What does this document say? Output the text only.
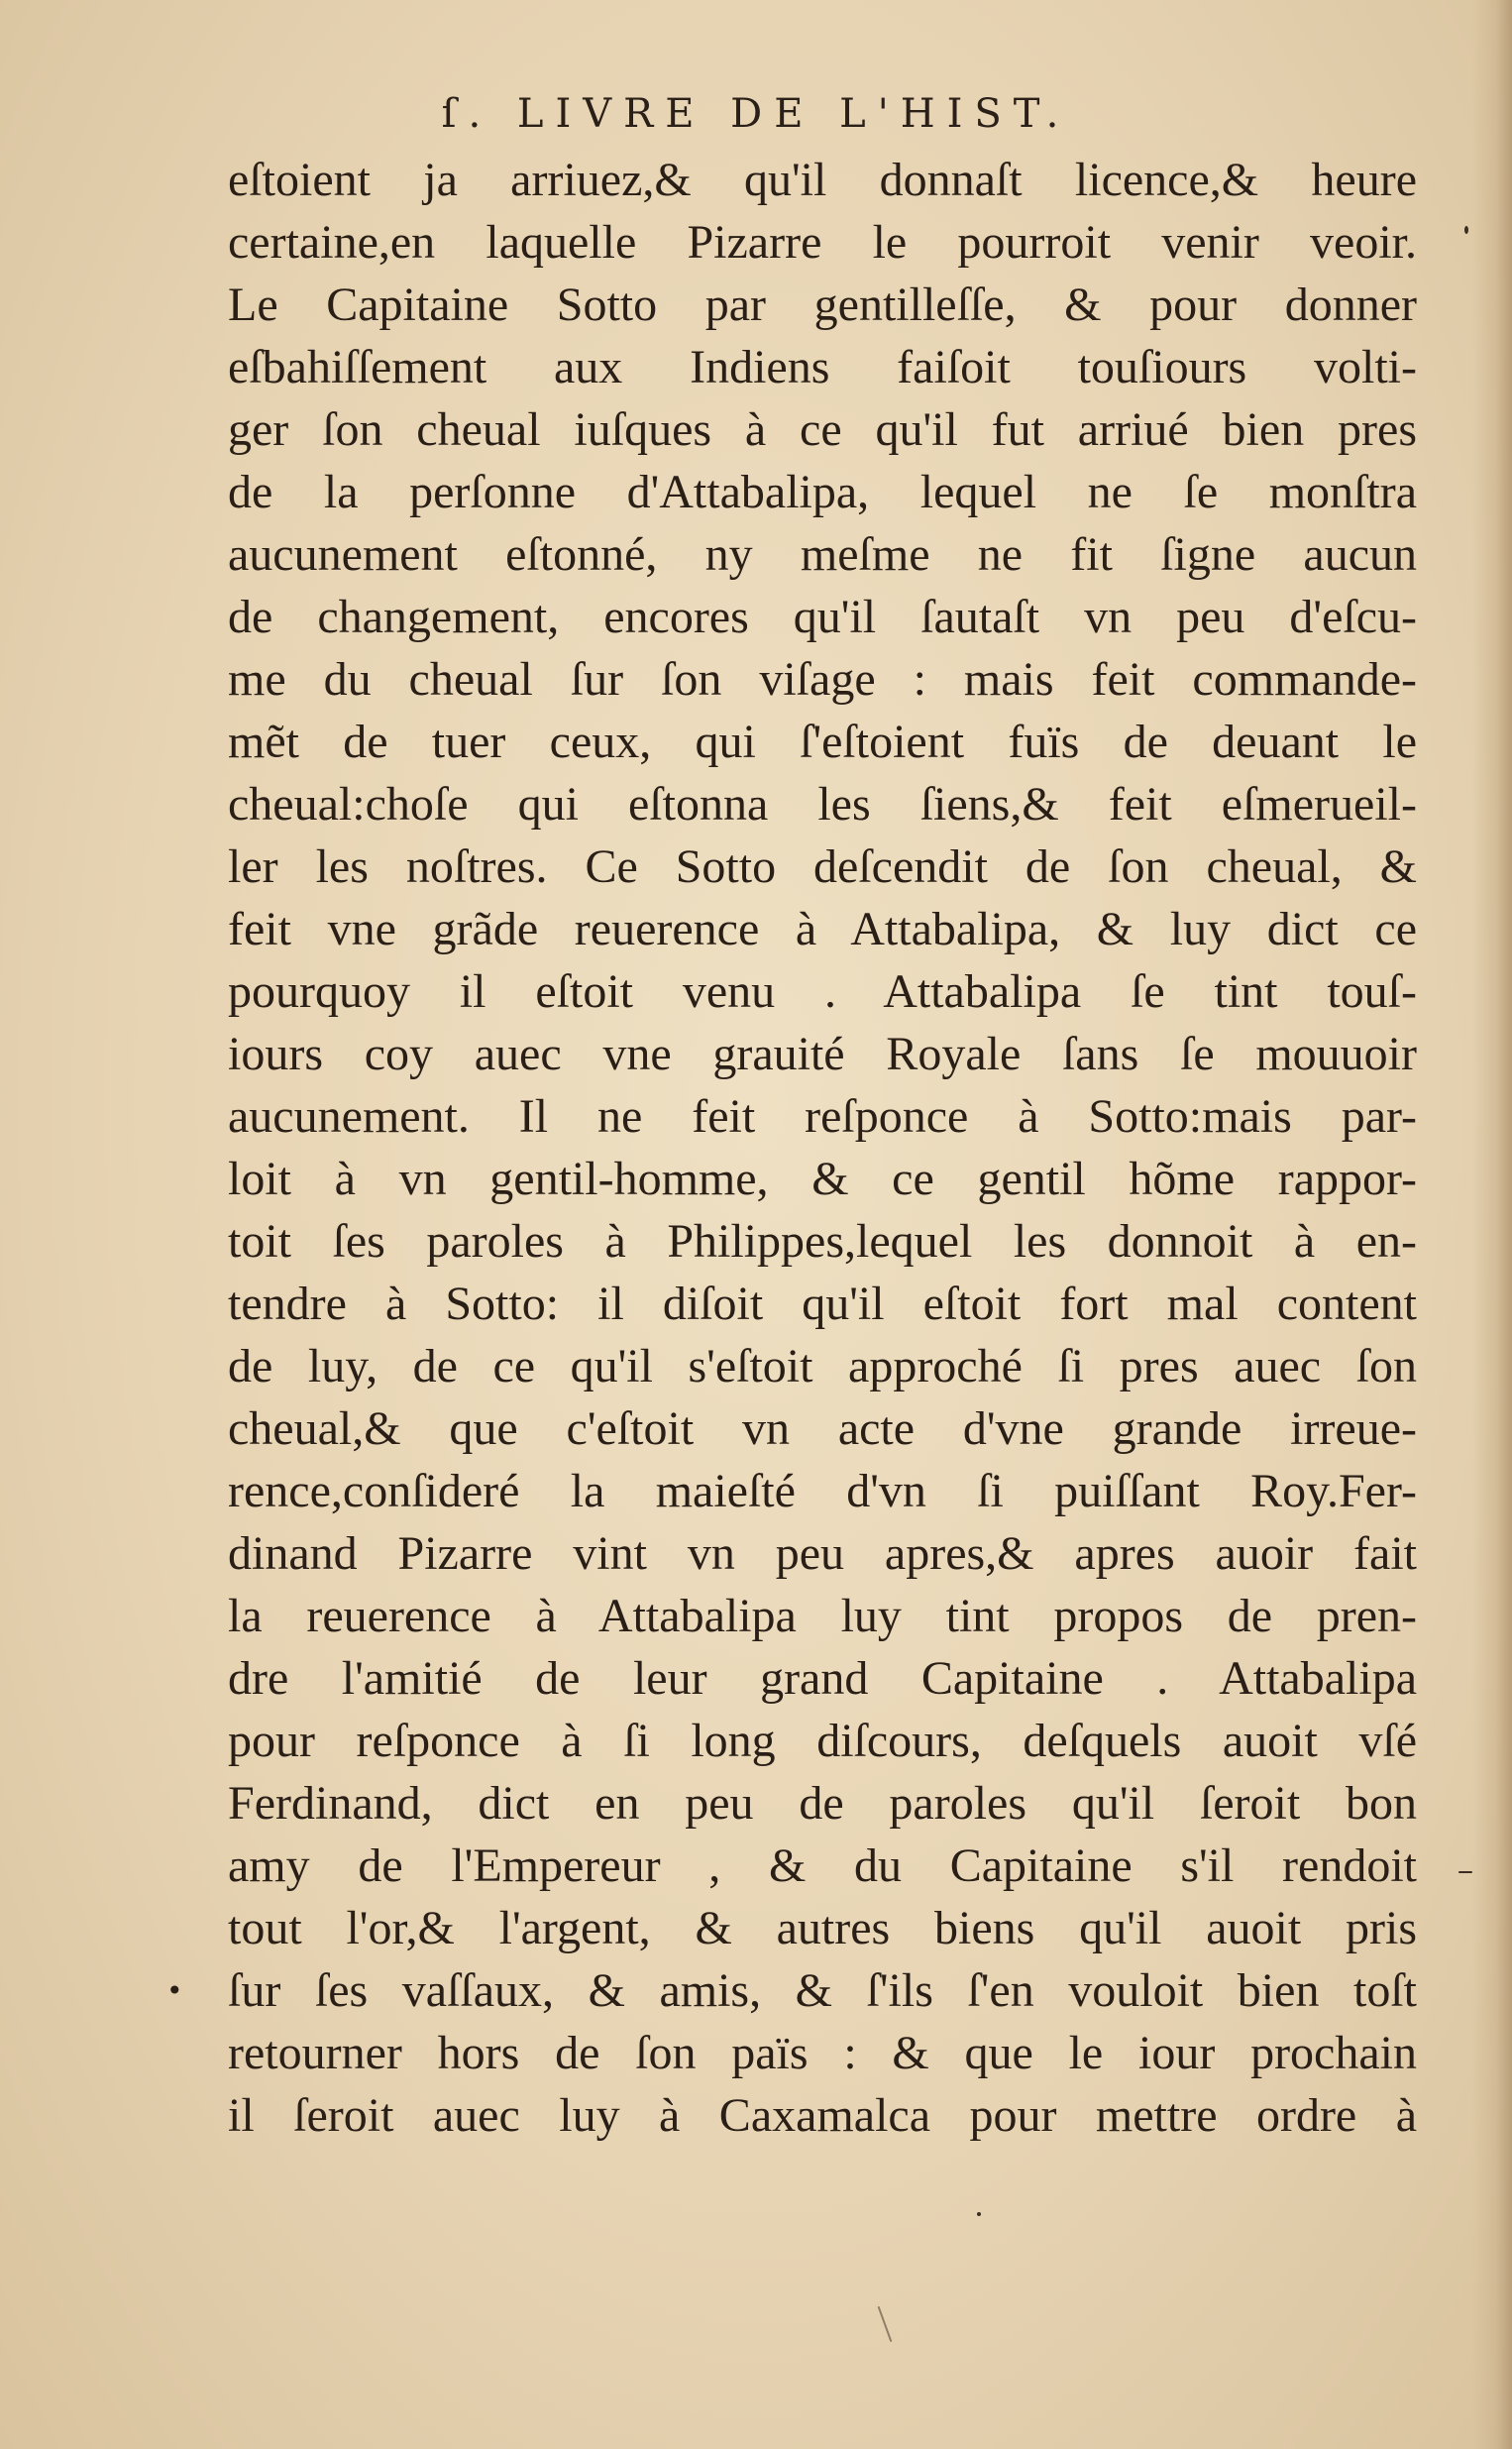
ſ. LIVRE DE L'HIST.
•
eſtoient ja arriuez,& qu'il donnaſt licence,& heure
certaine,en laquelle Pizarre le pourroit venir veoir.
Le Capitaine Sotto par gentilleſſe, & pour donner
eſbahiſſement aux Indiens faiſoit touſiours volti-
ger ſon cheual iuſques à ce qu'il fut arriué bien pres
de la perſonne d'Attabalipa, lequel ne ſe monſtra
aucunement eſtonné, ny meſme ne fit ſigne aucun
de changement, encores qu'il ſautaſt vn peu d'eſcu-
me du cheual ſur ſon viſage : mais feit commande-
mẽt de tuer ceux, qui ſ'eſtoient fuïs de deuant le
cheual:choſe qui eſtonna les ſiens,& feit eſmerueil-
ler les noſtres. Ce Sotto deſcendit de ſon cheual, &
feit vne grãde reuerence à Attabalipa, & luy dict ce
pourquoy il eſtoit venu . Attabalipa ſe tint touſ-
iours coy auec vne grauité Royale ſans ſe mouuoir
aucunement. Il ne feit reſponce à Sotto:mais par-
loit à vn gentil-homme, & ce gentil hõme rappor-
toit ſes paroles à Philippes,lequel les donnoit à en-
tendre à Sotto: il diſoit qu'il eſtoit fort mal content
de luy, de ce qu'il s'eſtoit approché ſi pres auec ſon
cheual,& que c'eſtoit vn acte d'vne grande irreue-
rence,conſideré la maieſté d'vn ſi puiſſant Roy.Fer-
dinand Pizarre vint vn peu apres,& apres auoir fait
la reuerence à Attabalipa luy tint propos de pren-
dre l'amitié de leur grand Capitaine . Attabalipa
pour reſponce à ſi long diſcours, deſquels auoit vſé
Ferdinand, dict en peu de paroles qu'il ſeroit bon
amy de l'Empereur , & du Capitaine s'il rendoit
tout l'or,& l'argent, & autres biens qu'il auoit pris
ſur ſes vaſſaux, & amis, & ſ'ils ſ'en vouloit bien toſt
retourner hors de ſon païs : & que le iour prochain
il ſeroit auec luy à Caxamalca pour mettre ordre à
